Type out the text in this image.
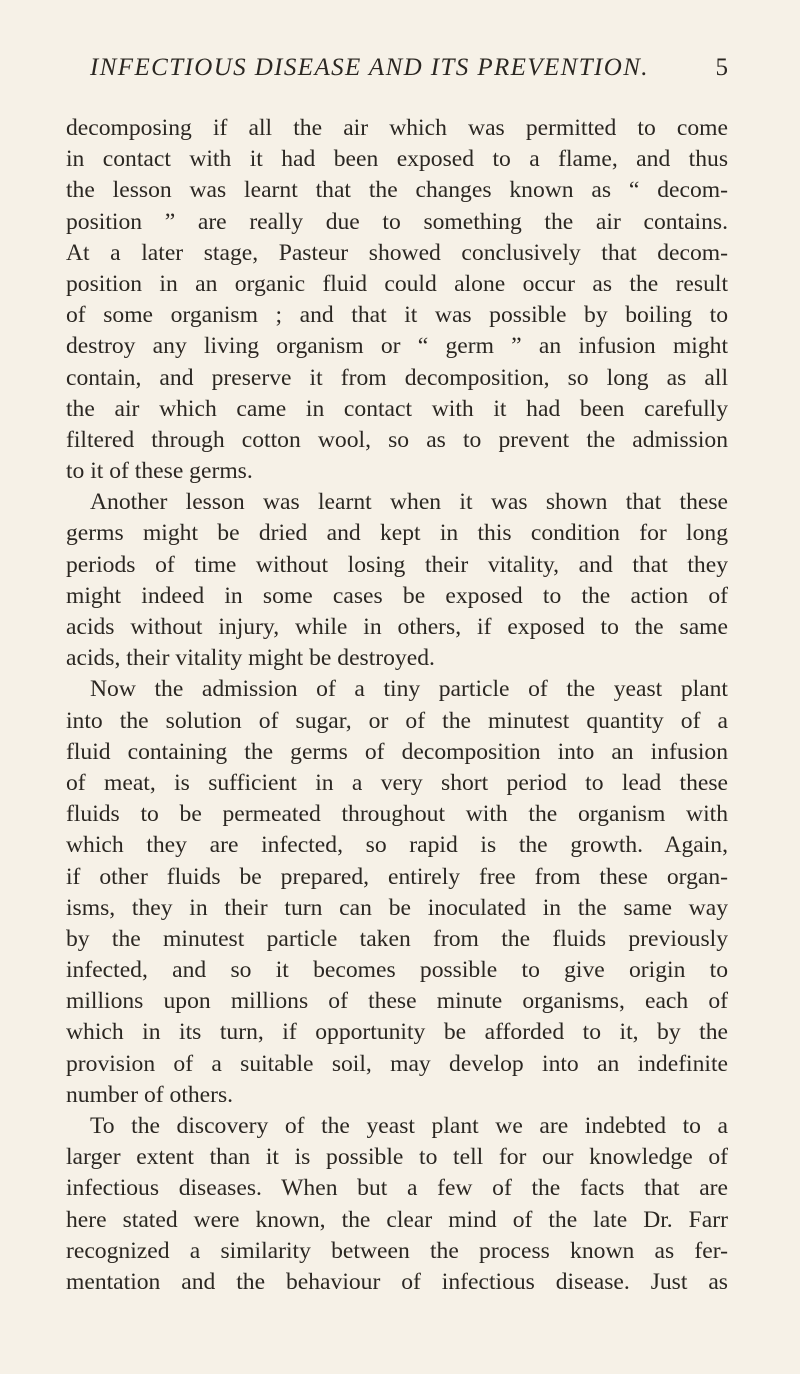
INFECTIOUS DISEASE AND ITS PREVENTION.	5
decomposing if all the air which was permitted to come
in contact with it had been exposed to a flame, and thus
the lesson was learnt that the changes known as “ decom-
position ” are really due to something the air contains.
At a later stage, Pasteur showed conclusively that decom-
position in an organic fluid could alone occur as the result
of some organism ; and that it was possible by boiling to
destroy any living organism or “ germ ” an infusion might
contain, and preserve it from decomposition, so long as all
the air which came in contact with it had been carefully
filtered through cotton wool, so as to prevent the admission
to it of these germs.
Another lesson was learnt when it was shown that these
germs might be dried and kept in this condition for long
periods of time without losing their vitality, and that they
might indeed in some cases be exposed to the action of
acids without injury, while in others, if exposed to the same
acids, their vitality might be destroyed.
Now the admission of a tiny particle of the yeast plant
into the solution of sugar, or of the minutest quantity of a
fluid containing the germs of decomposition into an infusion
of meat, is sufficient in a very short period to lead these
fluids to be permeated throughout with the organism with
which they are infected, so rapid is the growth. Again,
if other fluids be prepared, entirely free from these organ-
isms, they in their turn can be inoculated in the same way
by the minutest particle taken from the fluids previously
infected, and so it becomes possible to give origin to
millions upon millions of these minute organisms, each of
which in its turn, if opportunity be afforded to it, by the
provision of a suitable soil, may develop into an indefinite
number of others.
To the discovery of the yeast plant we are indebted to a
larger extent than it is possible to tell for our knowledge of
infectious diseases. When but a few of the facts that are
here stated were known, the clear mind of the late Dr. Farr
recognized a similarity between the process known as fer-
mentation and the behaviour of infectious disease. Just as
